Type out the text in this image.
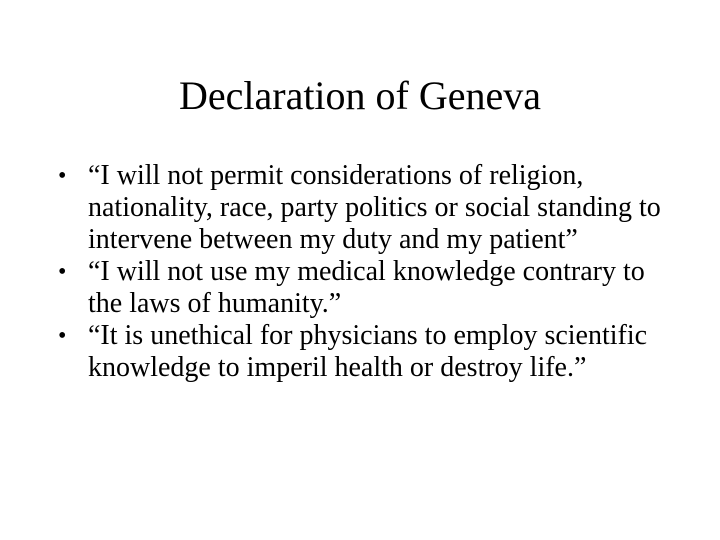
Declaration of Geneva
• “I will not permit considerations of religion, nationality, race, party politics or social standing to intervene between my duty and my patient”
• “I will not use my medical knowledge contrary to the laws of humanity.”
• “It is unethical for physicians to employ scientific knowledge to imperil health or destroy life.”
